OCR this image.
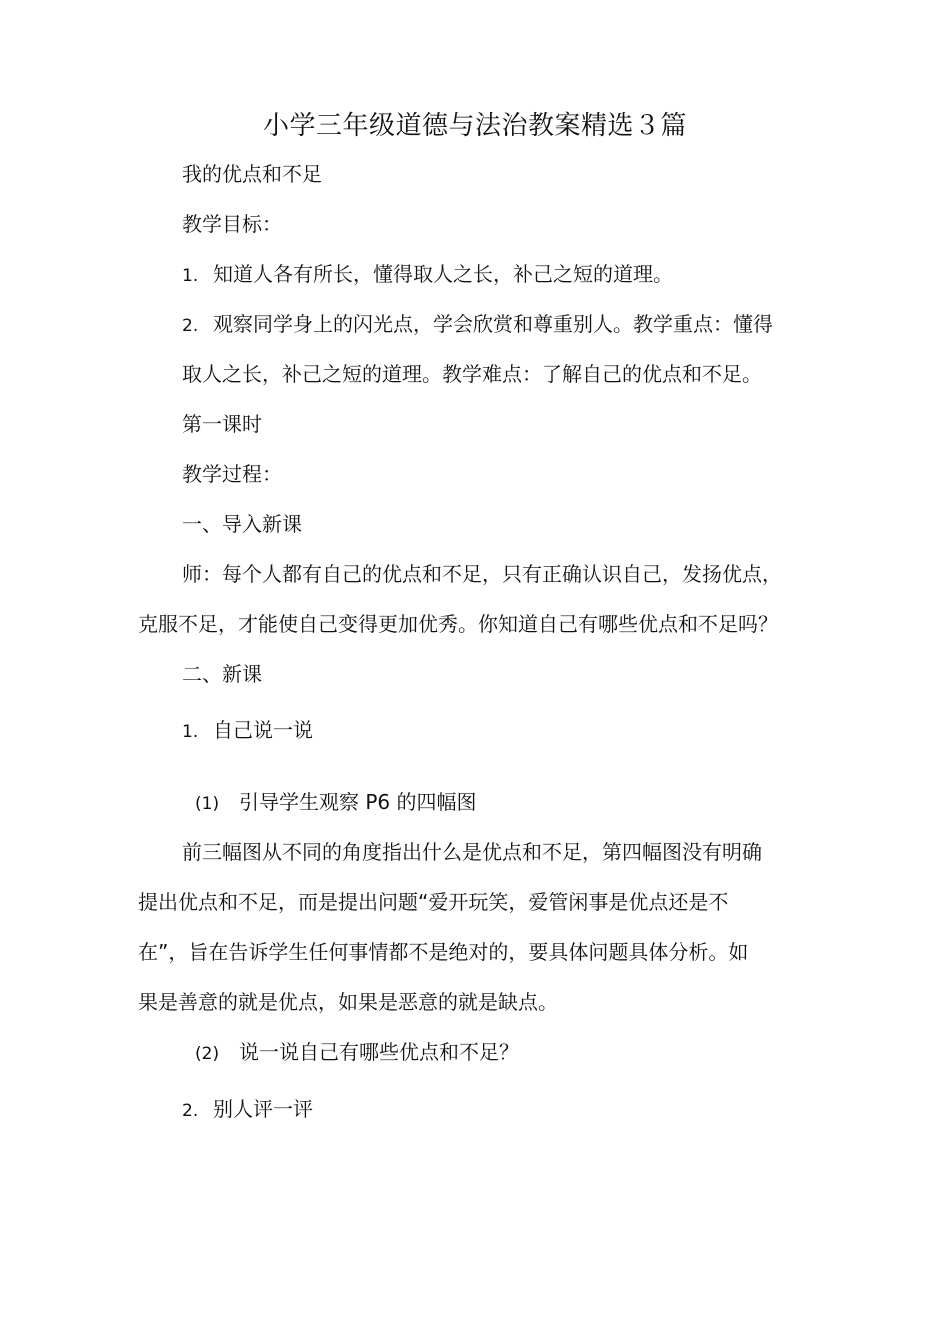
小学三年级道德与法治教案精选３篇
我的优点和不足
教学目标：
1. 知道人各有所长，懂得取人之长，补己之短的道理。
2. 观察同学身上的闪光点，学会欣赏和尊重别人。教学重点：懂得
取人之长，补己之短的道理。教学难点：了解自己的优点和不足。
第一课时
教学过程：
一、导入新课
师：每个人都有自己的优点和不足，只有正确认识自己，发扬优点，
克服不足，才能使自己变得更加优秀。你知道自己有哪些优点和不足吗？
二、新课
1. 自己说一说
(1) 引导学生观察 P6 的四幅图
前三幅图从不同的角度指出什么是优点和不足，第四幅图没有明确
提出优点和不足，而是提出问题“爱开玩笑，爱管闲事是优点还是不
在”，旨在告诉学生任何事情都不是绝对的，要具体问题具体分析。如
果是善意的就是优点，如果是恶意的就是缺点。
(2) 说一说自己有哪些优点和不足？
2. 别人评一评
